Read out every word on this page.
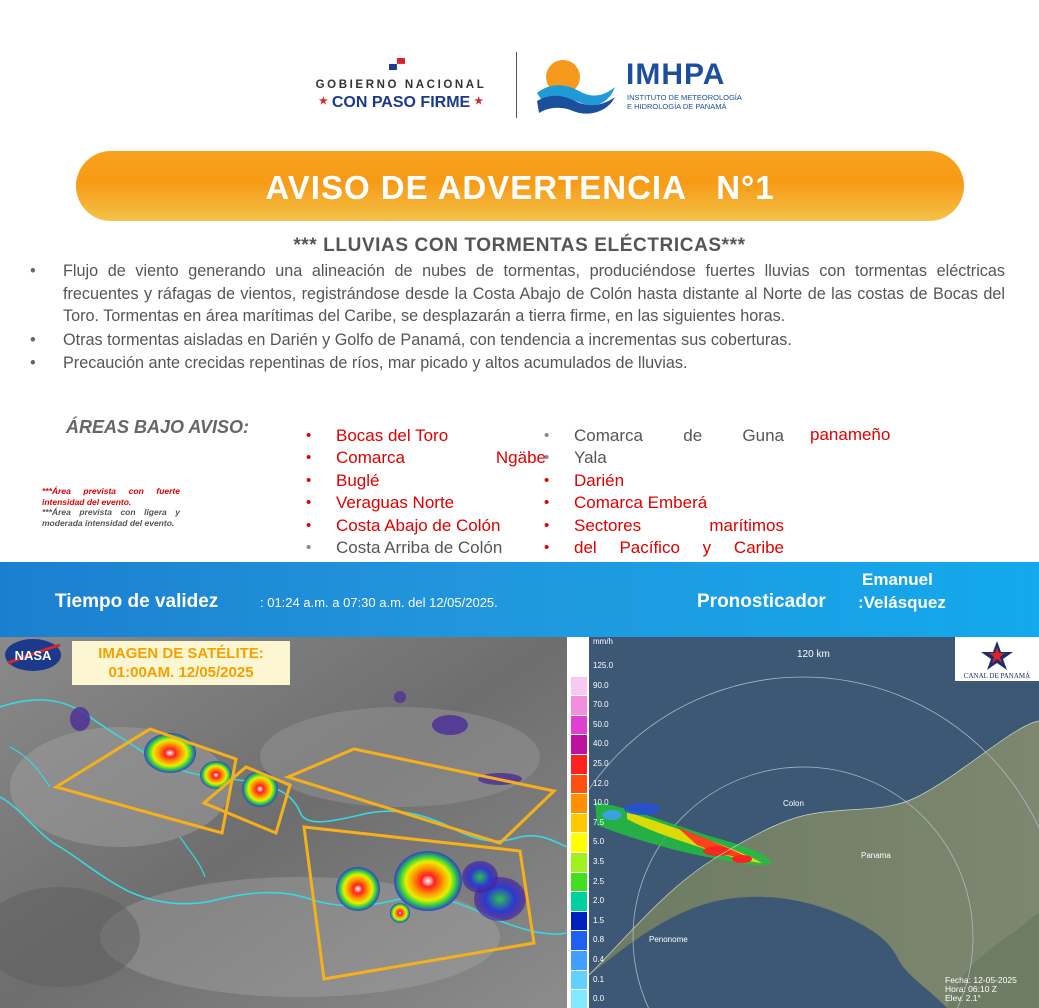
GOBIERNO NACIONAL
★ CON PASO FIRME ★
IMHPA
INSTITUTO DE METEOROLOGÍA
E HIDROLOGÍA DE PANAMÁ
AVISO DE ADVERTENCIA   N°1
*** LLUVIAS CON TORMENTAS ELÉCTRICAS***
• Flujo de viento generando una alineación de nubes de tormentas, produciéndose fuertes lluvias con tormentas eléctricas frecuentes y ráfagas de vientos, registrándose desde la Costa Abajo de Colón hasta distante al Norte de las costas de Bocas del Toro. Tormentas en área marítimas del Caribe, se desplazarán a tierra firme, en las siguientes horas.
• Otras tormentas aisladas en Darién y Golfo de Panamá, con tendencia a incrementas sus coberturas.
• Precaución ante crecidas repentinas de ríos, mar picado y altos acumulados de lluvias.
ÁREAS BAJO AVISO:
•	Bocas del Toro
• Comarca Ngäbe
• Buglé
• Veraguas Norte
• Costa Abajo de Colón
• Costa Arriba de Colón
• Comarca de Guna
• Yala
• Darién
• Comarca Emberá
• Sectores marítimos
• del Pacífico y Caribe
panameño
***Área prevista con fuerte intensidad del evento.
***Área prevista con ligera y moderada intensidad del evento.
Tiempo de validez	: 01:24 a.m. a 07:30 a.m. del 12/05/2025.	Pronosticador
Emanuel
:Velásquez
NASA	IMAGEN DE SATÉLITE:
01:00AM. 12/05/2025	125.0
90.0
70.0
50.0
40.0
25.0
12.0
10.0
7.5
5.0
3.5
2.5
2.0
1.5
0.8
0.4
0.1
0.0
mm/h
120 km
Colon
Panama
Penonome
CANAL DE PANAMÁ
Fecha: 12-05-2025
Hora: 06:10 Z
Elev. 2.1°
